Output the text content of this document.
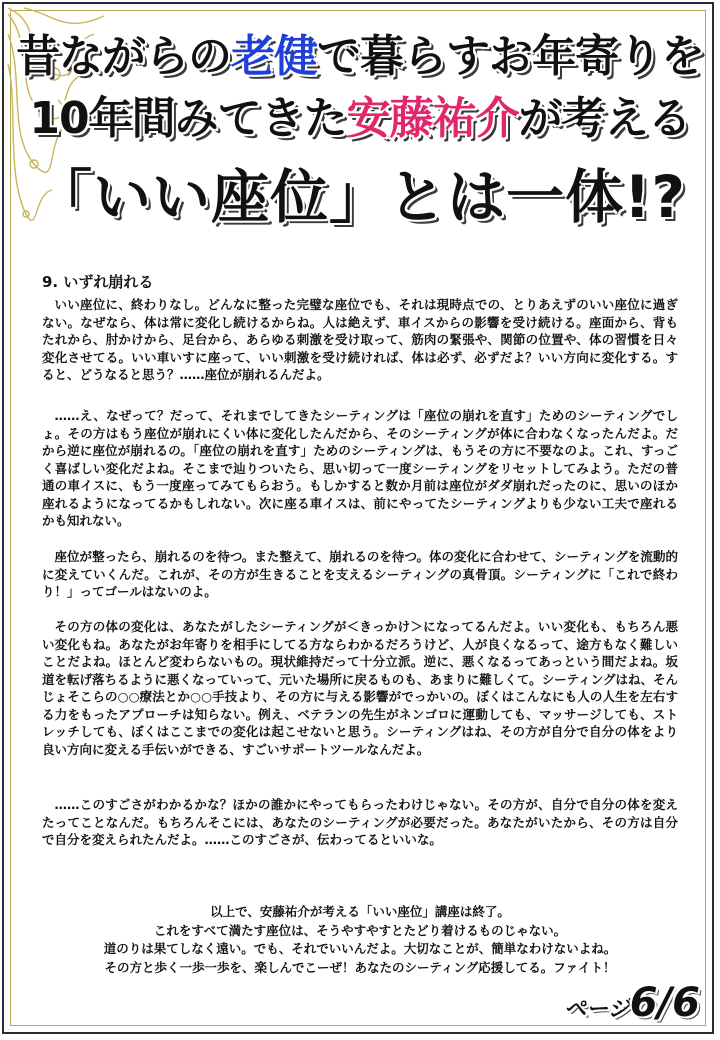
昔ながらの老健で暮らすお年寄りを
10年間みてきた安藤祐介が考える
「いい座位」とは一体!?
9. いずれ崩れる
いい座位に、終わりなし。どんなに整った完璧な座位でも、それは現時点での、とりあえずのいい座位に過ぎない。なぜなら、体は常に変化し続けるからね。人は絶えず、車イスからの影響を受け続ける。座面から、背もたれから、肘かけから、足台から、あらゆる刺激を受け取って、筋肉の緊張や、関節の位置や、体の習慣を日々変化させてる。いい車いすに座って、いい刺激を受け続ければ、体は必ず、必ずだよ？いい方向に変化する。すると、どうなると思う？……座位が崩れるんだよ。
……え、なぜって？だって、それまでしてきたシーティングは「座位の崩れを直す」ためのシーティングでしょ。その方はもう座位が崩れにくい体に変化したんだから、そのシーティングが体に合わなくなったんだよ。だから逆に座位が崩れるの。「座位の崩れを直す」ためのシーティングは、もうその方に不要なのよ。これ、すっごく喜ばしい変化だよね。そこまで辿りついたら、思い切って一度シーティングをリセットしてみよう。ただの普通の車イスに、もう一度座ってみてもらおう。もしかすると数か月前は座位がダダ崩れだったのに、思いのほか座れるようになってるかもしれない。次に座る車イスは、前にやってたシーティングよりも少ない工夫で座れるかも知れない。
座位が整ったら、崩れるのを待つ。また整えて、崩れるのを待つ。体の変化に合わせて、シーティングを流動的に変えていくんだ。これが、その方が生きることを支えるシーティングの真骨頂。シーティングに「これで終わり！」ってゴールはないのよ。
その方の体の変化は、あなたがしたシーティングが＜きっかけ＞になってるんだよ。いい変化も、もちろん悪い変化もね。あなたがお年寄りを相手にしてる方ならわかるだろうけど、人が良くなるって、途方もなく難しいことだよね。ほとんど変わらないもの。現状維持だって十分立派。逆に、悪くなるってあっという間だよね。坂道を転げ落ちるように悪くなっていって、元いた場所に戻るものも、あまりに難しくて。シーティングはね、そんじょそこらの○○療法とか○○手技より、その方に与える影響がでっかいの。ぼくはこんなにも人の人生を左右する力をもったアプローチは知らない。例え、ベテランの先生がネンゴロに運動しても、マッサージしても、ストレッチしても、ぼくはここまでの変化は起こせないと思う。シーティングはね、その方が自分で自分の体をより良い方向に変える手伝いができる、すごいサポートツールなんだよ。
……このすごさがわかるかな？ほかの誰かにやってもらったわけじゃない。その方が、自分で自分の体を変えたってことなんだ。もちろんそこには、あなたのシーティングが必要だった。あなたがいたから、その方は自分で自分を変えられたんだよ。……このすごさが、伝わってるといいな。
以上で、安藤祐介が考える「いい座位」講座は終了。
これをすべて満たす座位は、そうやすやすとたどり着けるものじゃない。
道のりは果てしなく遠い。でも、それでいいんだよ。大切なことが、簡単なわけないよね。
その方と歩く一歩一歩を、楽しんでこーぜ！あなたのシーティング応援してる。ファイト！
ページ6/6
